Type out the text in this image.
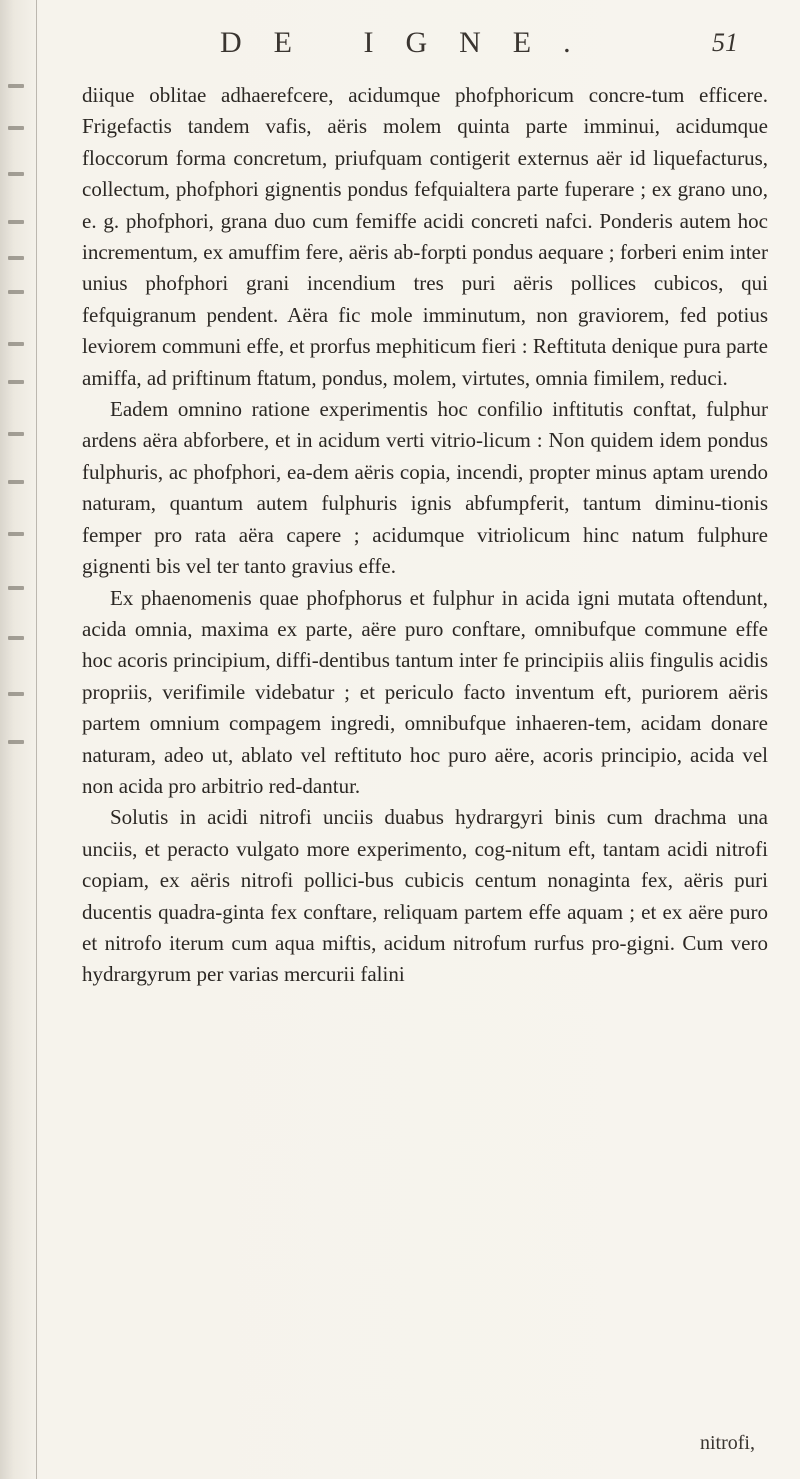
DE IGNE.	51

diique oblitae adhaerefcere, acidumque phofphoricum concre-tum efficere. Frigefactis tandem vafis, aëris molem quinta parte imminui, acidumque floccorum forma concretum, priufquam contigerit externus aër id liquefacturus, collectum, phofphori gignentis pondus fefquialtera parte fuperare ; ex grano uno, e. g. phofphori, grana duo cum femiffe acidi concreti nafci. Ponderis autem hoc incrementum, ex amuffim fere, aëris ab-forpti pondus aequare ; forberi enim inter unius phofphori grani incendium tres puri aëris pollices cubicos, qui fefquigranum pendent. Aëra fic mole imminutum, non graviorem, fed potius leviorem communi effe, et prorfus mephiticum fieri : Reftituta denique pura parte amiffa, ad priftinum ftatum, pondus, molem, virtutes, omnia fimilem, reduci.

Eadem omnino ratione experimentis hoc confilio inftitutis conftat, fulphur ardens aëra abforbere, et in acidum verti vitrio-licum : Non quidem idem pondus fulphuris, ac phofphori, ea-dem aëris copia, incendi, propter minus aptam urendo naturam, quantum autem fulphuris ignis abfumpferit, tantum diminu-tionis femper pro rata aëra capere ; acidumque vitriolicum hinc natum fulphure gignenti bis vel ter tanto gravius effe.

Ex phaenomenis quae phofphorus et fulphur in acida igni mutata oftendunt, acida omnia, maxima ex parte, aëre puro conftare, omnibufque commune effe hoc acoris principium, diffi-dentibus tantum inter fe principiis aliis fingulis acidis propriis, verifimile videbatur ; et periculo facto inventum eft, puriorem aëris partem omnium compagem ingredi, omnibufque inhaeren-tem, acidam donare naturam, adeo ut, ablato vel reftituto hoc puro aëre, acoris principio, acida vel non acida pro arbitrio red-dantur.

Solutis in acidi nitrofi unciis duabus hydrargyri binis cum drachma una unciis, et peracto vulgato more experimento, cog-nitum eft, tantam acidi nitrofi copiam, ex aëris nitrofi pollici-bus cubicis centum nonaginta fex, aëris puri ducentis quadra-ginta fex conftare, reliquam partem effe aquam ; et ex aëre puro et nitrofo iterum cum aqua miftis, acidum nitrofum rurfus pro-gigni. Cum vero hydrargyrum per varias mercurii falini

nitrofi,
